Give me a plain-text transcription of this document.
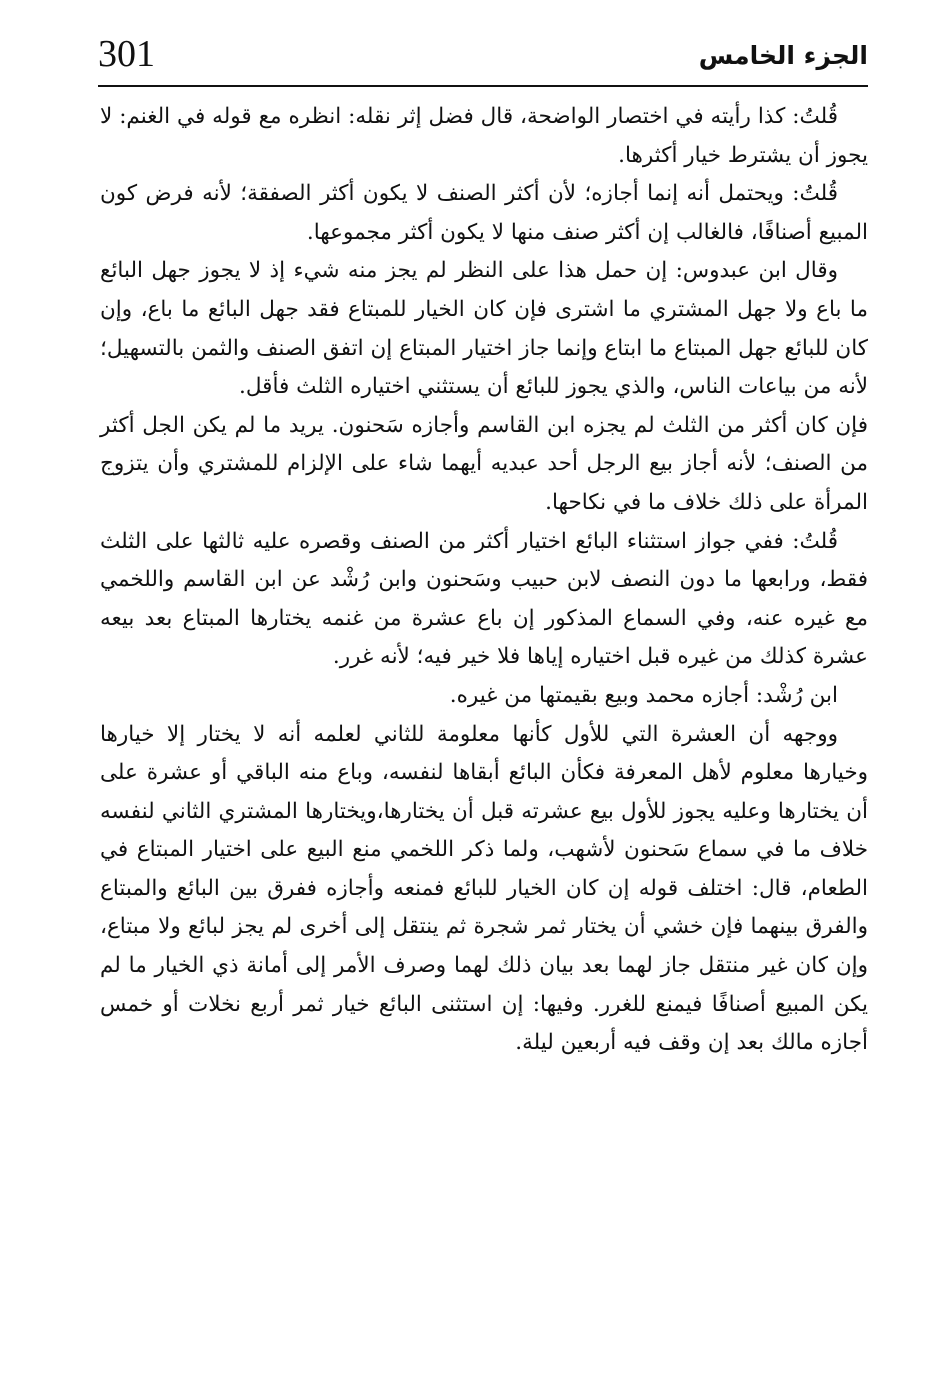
301	الجزء الخامس

قُلتُ: كذا رأيته في اختصار الواضحة، قال فضل إثر نقله: انظره مع قوله في الغنم: لا يجوز أن يشترط خيار أكثرها.

قُلتُ: ويحتمل أنه إنما أجازه؛ لأن أكثر الصنف لا يكون أكثر الصفقة؛ لأنه فرض كون المبيع أصنافًا، فالغالب إن أكثر صنف منها لا يكون أكثر مجموعها.

وقال ابن عبدوس: إن حمل هذا على النظر لم يجز منه شيء إذ لا يجوز جهل البائع ما باع ولا جهل المشتري ما اشترى فإن كان الخيار للمبتاع فقد جهل البائع ما باع، وإن كان للبائع جهل المبتاع ما ابتاع وإنما جاز اختيار المبتاع إن اتفق الصنف والثمن بالتسهيل؛ لأنه من بياعات الناس، والذي يجوز للبائع أن يستثني اختياره الثلث فأقل.

فإن كان أكثر من الثلث لم يجزه ابن القاسم وأجازه سَحنون. يريد ما لم يكن الجل أكثر من الصنف؛ لأنه أجاز بيع الرجل أحد عبديه أيهما شاء على الإلزام للمشتري وأن يتزوج المرأة على ذلك خلاف ما في نكاحها.

قُلتُ: ففي جواز استثناء البائع اختيار أكثر من الصنف وقصره عليه ثالثها على الثلث فقط، ورابعها ما دون النصف لابن حبيب وسَحنون وابن رُشْد عن ابن القاسم واللخمي مع غيره عنه، وفي السماع المذكور إن باع عشرة من غنمه يختارها المبتاع بعد بيعه عشرة كذلك من غيره قبل اختياره إياها فلا خير فيه؛ لأنه غرر.

ابن رُشْد: أجازه محمد وبيع بقيمتها من غيره.

ووجهه أن العشرة التي للأول كأنها معلومة للثاني لعلمه أنه لا يختار إلا خيارها وخيارها معلوم لأهل المعرفة فكأن البائع أبقاها لنفسه، وباع منه الباقي أو عشرة على أن يختارها وعليه يجوز للأول بيع عشرته قبل أن يختارها،ويختارها المشتري الثاني لنفسه خلاف ما في سماع سَحنون لأشهب، ولما ذكر اللخمي منع البيع على اختيار المبتاع في الطعام، قال: اختلف قوله إن كان الخيار للبائع فمنعه وأجازه ففرق بين البائع والمبتاع والفرق بينهما فإن خشي أن يختار ثمر شجرة ثم ينتقل إلى أخرى لم يجز لبائع ولا مبتاع، وإن كان غير منتقل جاز لهما بعد بيان ذلك لهما وصرف الأمر إلى أمانة ذي الخيار ما لم يكن المبيع أصنافًا فيمنع للغرر. وفيها: إن استثنى البائع خيار ثمر أربع نخلات أو خمس أجازه مالك بعد إن وقف فيه أربعين ليلة.
